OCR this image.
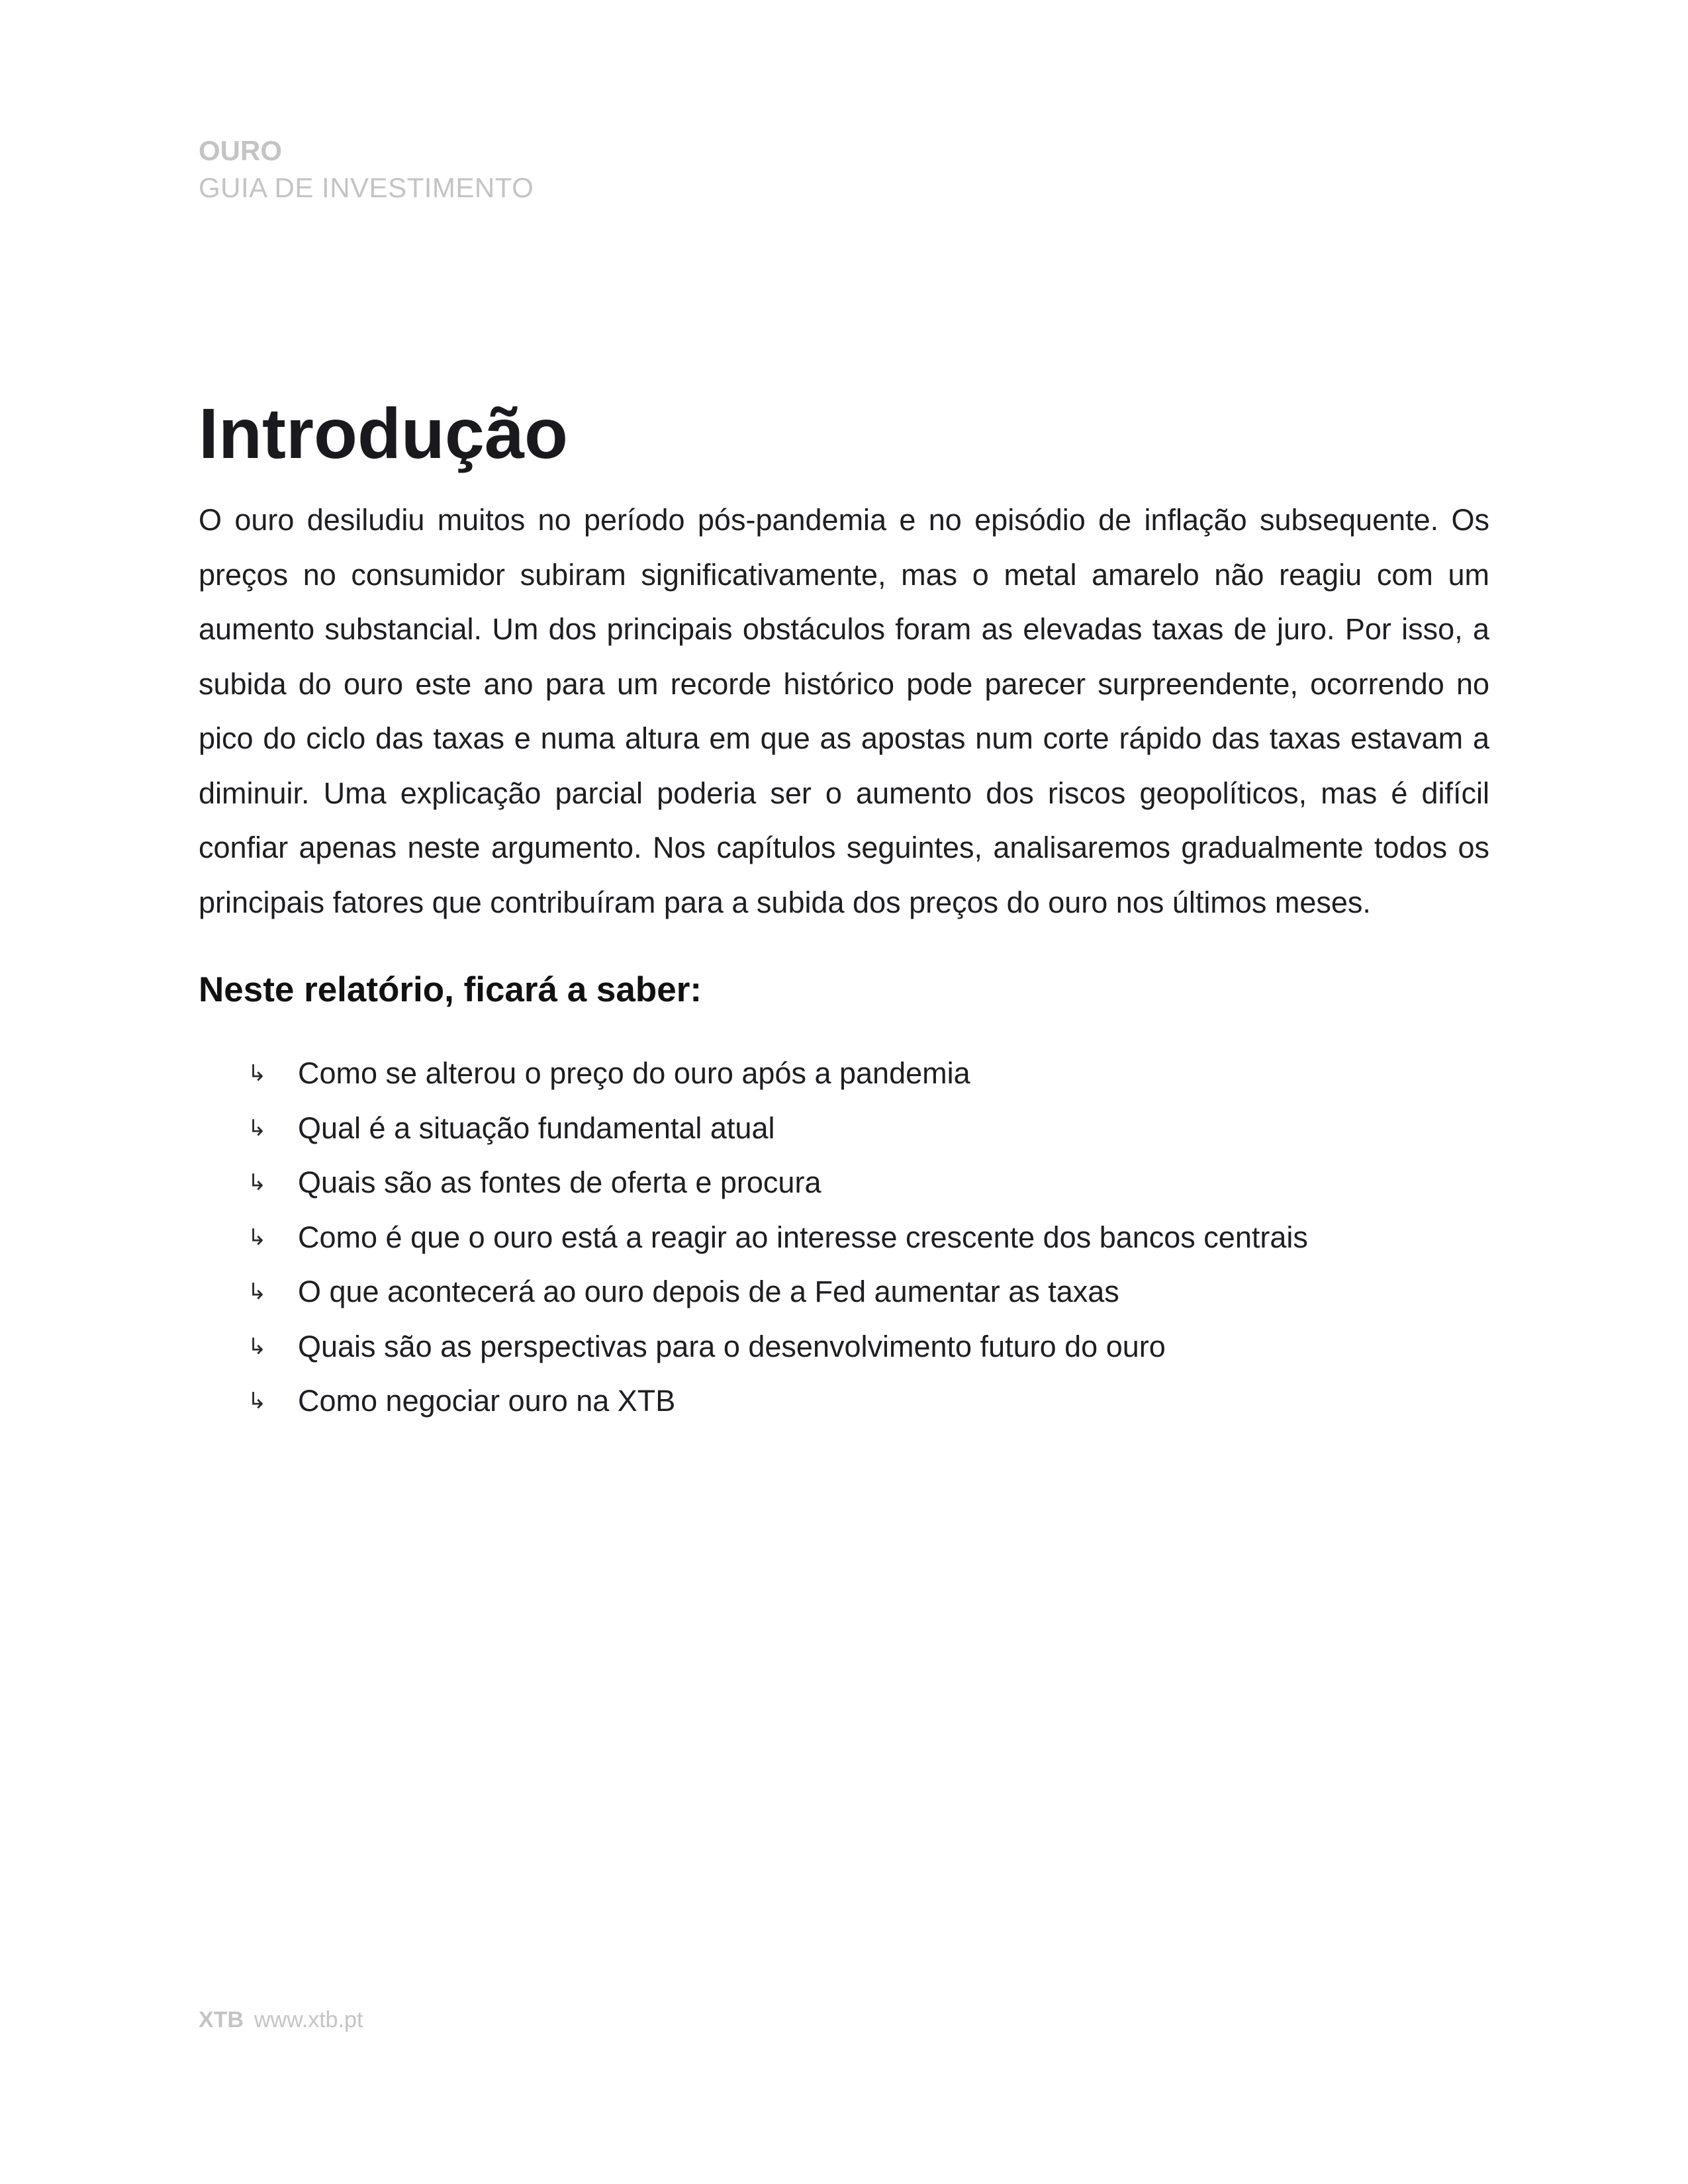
OURO
GUIA DE INVESTIMENTO
Introdução

O ouro desiludiu muitos no período pós-pandemia e no episódio de inflação subsequente. Os preços no consumidor subiram significativamente, mas o metal amarelo não reagiu com um aumento substancial. Um dos principais obstáculos foram as elevadas taxas de juro. Por isso, a subida do ouro este ano para um recorde histórico pode parecer surpreendente, ocorrendo no pico do ciclo das taxas e numa altura em que as apostas num corte rápido das taxas estavam a diminuir. Uma explicação parcial poderia ser o aumento dos riscos geopolíticos, mas é difícil confiar apenas neste argumento. Nos capítulos seguintes, analisaremos gradualmente todos os principais fatores que contribuíram para a subida dos preços do ouro nos últimos meses.

Neste relatório, ficará a saber:
↳ Como se alterou o preço do ouro após a pandemia
↳ Qual é a situação fundamental atual
↳ Quais são as fontes de oferta e procura
↳ Como é que o ouro está a reagir ao interesse crescente dos bancos centrais
↳ O que acontecerá ao ouro depois de a Fed aumentar as taxas
↳ Quais são as perspectivas para o desenvolvimento futuro do ouro
↳ Como negociar ouro na XTB
XTB www.xtb.pt
